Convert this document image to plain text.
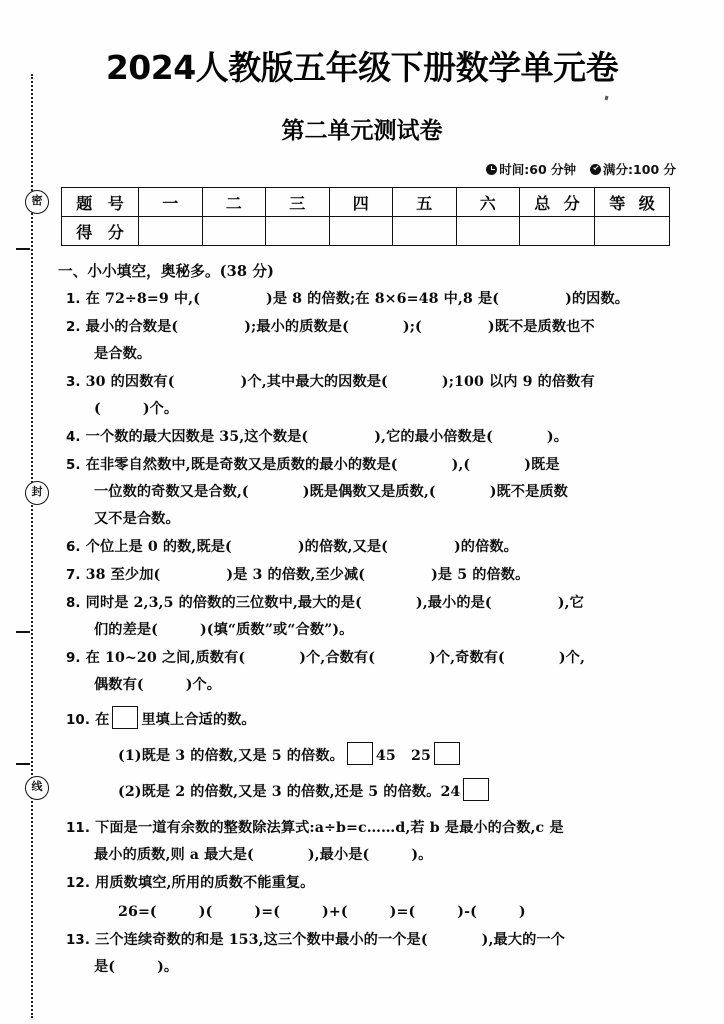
密
封
线
2024人教版五年级下册数学单元卷
第二单元测试卷
时间:60 分钟 满分:100 分
题 号	一	二	三	四	五	六	总 分	等 级
得 分								
一、小小填空，奥秘多。(38 分)
1. 在 72÷8=9 中,(	)是 8 的倍数;在 8×6=48 中,8 是(	)的因数。
2. 最小的合数是(	);最小的质数是(	);(	)既不是质数也不
是合数。
3. 30 的因数有(	)个,其中最大的因数是(	);100 以内 9 的倍数有
(	)个。
4. 一个数的最大因数是 35,这个数是(	),它的最小倍数是(	)。
5. 在非零自然数中,既是奇数又是质数的最小的数是(	),(	)既是
一位数的奇数又是合数,(	)既是偶数又是质数,(	)既不是质数
又不是合数。
6. 个位上是 0 的数,既是(	)的倍数,又是(	)的倍数。
7. 38 至少加(	)是 3 的倍数,至少减(	)是 5 的倍数。
8. 同时是 2,3,5 的倍数的三位数中,最大的是(	),最小的是(	),它
们的差是(	)(填“质数”或“合数”)。
9. 在 10~20 之间,质数有(	)个,合数有(	)个,奇数有(	)个,
偶数有(	)个。
10. 在 里填上合适的数。
(1)既是 3 的倍数,又是 5 的倍数。 45 25
(2)既是 2 的倍数,又是 3 的倍数,还是 5 的倍数。24
11. 下面是一道有余数的整数除法算式:a÷b=c……d,若 b 是最小的合数,c 是
最小的质数,则 a 最大是(	),最小是(	)。
12. 用质数填空,所用的质数不能重复。
26=(	)(	)=(	)+(	)=(	)-(	)
13. 三个连续奇数的和是 153,这三个数中最小的一个是(	),最大的一个
是(	)。
